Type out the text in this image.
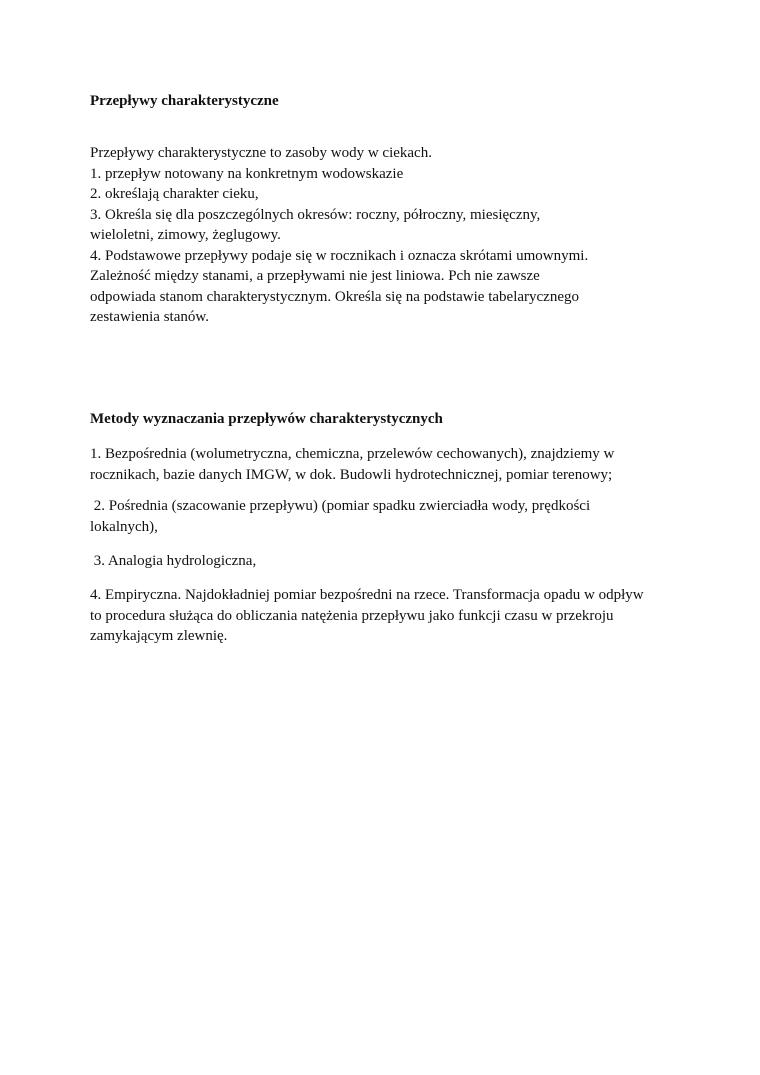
Przepływy charakterystyczne
Przepływy charakterystyczne to zasoby wody w ciekach.
1. przepływ notowany na konkretnym wodowskazie
2. określają charakter cieku,
3. Określa się dla poszczególnych okresów: roczny, półroczny, miesięczny,
wieloletni, zimowy, żeglugowy.
4. Podstawowe przepływy podaje się w rocznikach i oznacza skrótami umownymi.
Zależność między stanami, a przepływami nie jest liniowa. Pch nie zawsze
odpowiada stanom charakterystycznym. Określa się na podstawie tabelarycznego
zestawienia stanów.
Metody wyznaczania przepływów charakterystycznych
1. Bezpośrednia (wolumetryczna, chemiczna, przelewów cechowanych), znajdziemy w
rocznikach, bazie danych IMGW, w dok. Budowli hydrotechnicznej, pomiar terenowy;
2. Pośrednia (szacowanie przepływu) (pomiar spadku zwierciadła wody, prędkości
lokalnych),
3. Analogia hydrologiczna,
4. Empiryczna. Najdokładniej pomiar bezpośredni na rzece. Transformacja opadu w odpływ
to procedura służąca do obliczania natężenia przepływu jako funkcji czasu w przekroju
zamykającym zlewnię.
